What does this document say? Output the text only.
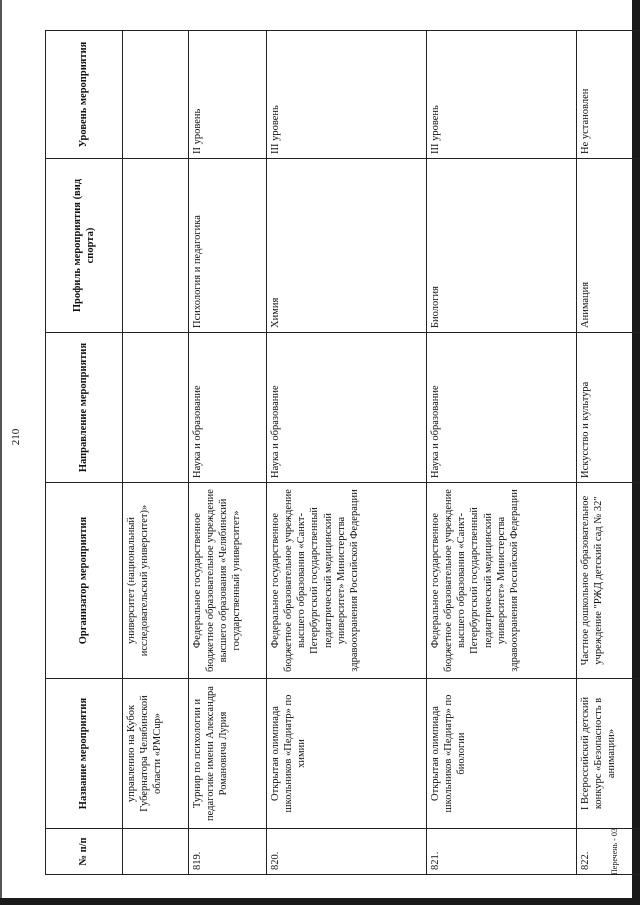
210
№ п/п	Название мероприятия	Организатор мероприятия	Направление мероприятия	Профиль мероприятия (вид спорта)	Уровень мероприятия
	управлению на Кубок Губернатора Челябинской области «PMCup»	университет (национальный исследовательский университет)»			
819.	Турнир по психологии и педагогике имени Александра Романовича Лурия	Федеральное государственное бюджетное образовательное учреждение высшего образования «Челябинский государственный университет»	Наука и образование	Психология и педагогика	II уровень
820.	Открытая олимпиада школьников «Педиатр» по химии	Федеральное государственное бюджетное образовательное учреждение высшего образования «Санкт-Петербургский государственный педиатрический медицинский университет» Министерства здравоохранения Российской Федерации	Наука и образование	Химия	III уровень
821.	Открытая олимпиада школьников «Педиатр» по биологии	Федеральное государственное бюджетное образовательное учреждение высшего образования «Санкт-Петербургский государственный педиатрический медицинский университет» Министерства здравоохранения Российской Федерации	Наука и образование	Биология	III уровень
822.	I Всероссийский детский конкурс «Безопасность в анимации»	Частное дошкольное образовательное учреждение "РЖД детский сад № 32"	Искусство и культура	Анимация	Не установлен
Перечень - 03
